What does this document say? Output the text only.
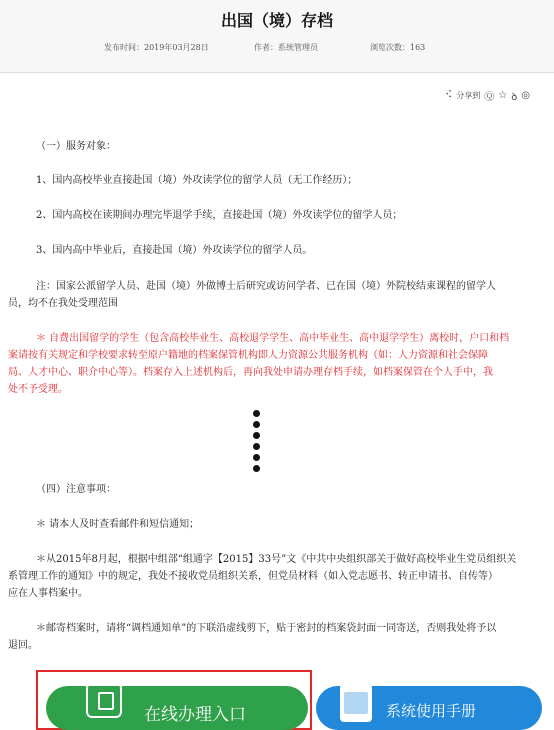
出国（境）存档
发布时间：2019年03月28日	作者：系统管理员	浏览次数：163
⠪ 分享到 Ⓠ ☆ ꝺ ◎
（一）服务对象：
1、国内高校毕业直接赴国（境）外攻读学位的留学人员（无工作经历）；
2、国内高校在读期间办理完毕退学手续，直接赴国（境）外攻读学位的留学人员；
3、国内高中毕业后，直接赴国（境）外攻读学位的留学人员。
注：国家公派留学人员、赴国（境）外做博士后研究或访问学者、已在国（境）外院校结束课程的留学人
员，均不在我处受理范围
＊ 自费出国留学的学生（包含高校毕业生、高校退学学生、高中毕业生、高中退学学生）离校时，户口和档
案请按有关规定和学校要求转至原户籍地的档案保管机构即人力资源公共服务机构（如：人力资源和社会保障
局、人才中心、职介中心等）。档案存入上述机构后，再向我处申请办理存档手续，如档案保管在个人手中，我
处不予受理。
（四）注意事项：
＊ 请本人及时查看邮件和短信通知；
＊从2015年8月起，根据中组部“组通字【2015】33号”文《中共中央组织部关于做好高校毕业生党员组织关
系管理工作的通知》中的规定，我处不接收党员组织关系，但党员材料（如入党志愿书、转正申请书、自传等）
应在人事档案中。
＊邮寄档案时，请将“调档通知单”的下联沿虚线剪下，贴于密封的档案袋封面一同寄送，否则我处将予以
退回。
在线办理入口	系统使用手册
